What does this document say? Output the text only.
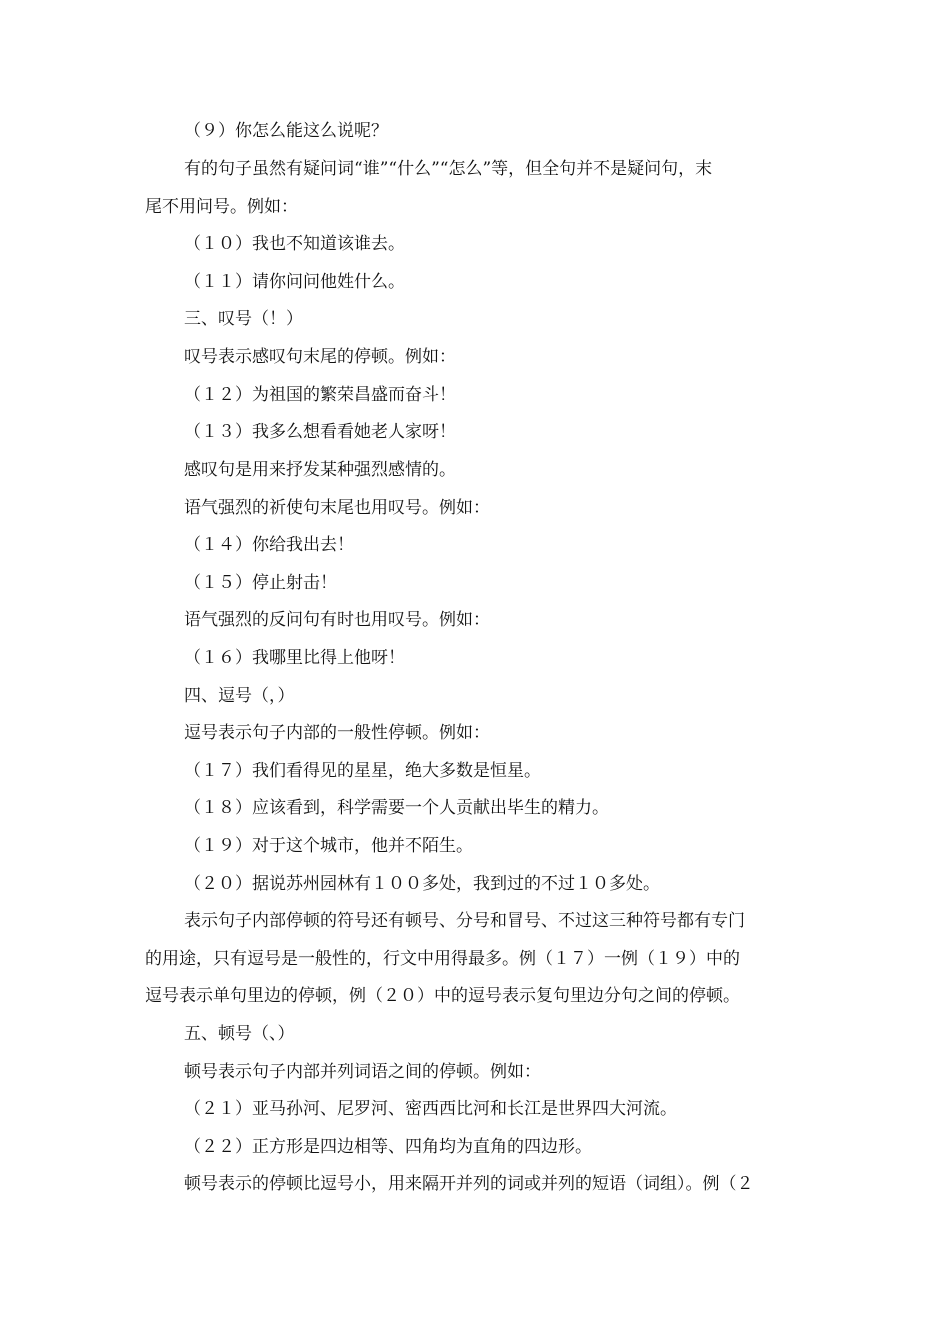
（９）你怎么能这么说呢？
有的句子虽然有疑问词“谁”“什么”“怎么”等，但全句并不是疑问句，末
尾不用问号。例如：
（１０）我也不知道该谁去。
（１１）请你问问他姓什么。
三、叹号（！）
叹号表示感叹句末尾的停顿。例如：
（１２）为祖国的繁荣昌盛而奋斗！
（１３）我多么想看看她老人家呀！
感叹句是用来抒发某种强烈感情的。
语气强烈的祈使句末尾也用叹号。例如：
（１４）你给我出去！
（１５）停止射击！
语气强烈的反问句有时也用叹号。例如：
（１６）我哪里比得上他呀！
四、逗号（，）
逗号表示句子内部的一般性停顿。例如：
（１７）我们看得见的星星，绝大多数是恒星。
（１８）应该看到，科学需要一个人贡献出毕生的精力。
（１９）对于这个城市，他并不陌生。
（２０）据说苏州园林有１００多处，我到过的不过１０多处。
表示句子内部停顿的符号还有顿号、分号和冒号、不过这三种符号都有专门
的用途，只有逗号是一般性的，行文中用得最多。例（１７）一例（１９）中的
逗号表示单句里边的停顿，例（２０）中的逗号表示复句里边分句之间的停顿。
五、顿号（、）
顿号表示句子内部并列词语之间的停顿。例如：
（２１）亚马孙河、尼罗河、密西西比河和长江是世界四大河流。
（２２）正方形是四边相等、四角均为直角的四边形。
顿号表示的停顿比逗号小，用来隔开并列的词或并列的短语（词组）。例（２
